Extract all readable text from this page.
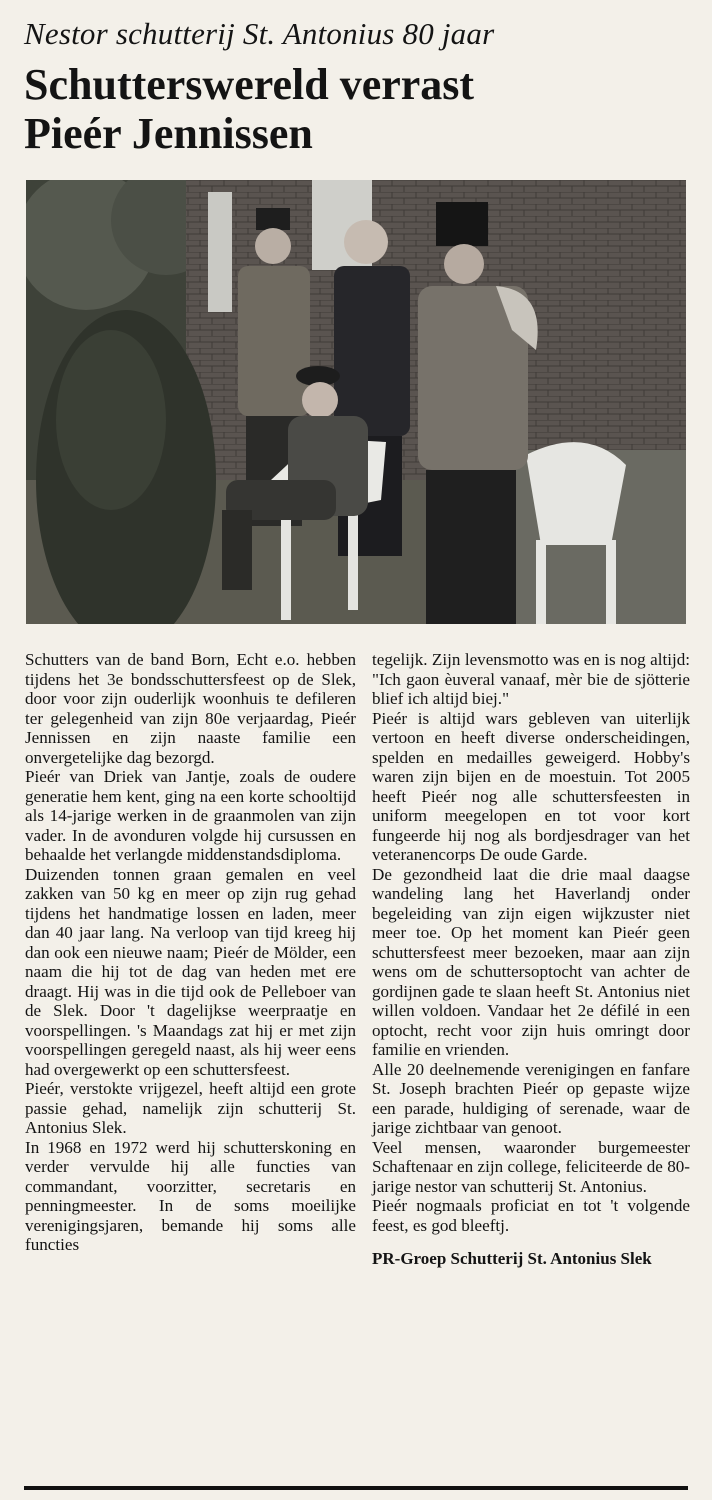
Nestor schutterij St. Antonius 80 jaar
Schutterswereld verrast
Pieér Jennissen

Schutters van de band Born, Echt e.o. hebben tijdens het 3e bondsschuttersfeest op de Slek, door voor zijn ouderlijk woonhuis te defileren ter gelegenheid van zijn 80e verjaardag, Pieér Jennissen en zijn naaste familie een onvergetelijke dag bezorgd.

Pieér van Driek van Jantje, zoals de oudere generatie hem kent, ging na een korte schooltijd als 14-jarige werken in de graanmolen van zijn vader. In de avonduren volgde hij cursussen en behaalde het verlangde middenstandsdiploma.

Duizenden tonnen graan gemalen en veel zakken van 50 kg en meer op zijn rug gehad tijdens het handmatige lossen en laden, meer dan 40 jaar lang. Na verloop van tijd kreeg hij dan ook een nieuwe naam; Pieér de Mölder, een naam die hij tot de dag van heden met ere draagt. Hij was in die tijd ook de Pelleboer van de Slek. Door 't dagelijkse weerpraatje en voorspellingen. 's Maandags zat hij er met zijn voorspellingen geregeld naast, als hij weer eens had overgewerkt op een schuttersfeest.

Pieér, verstokte vrijgezel, heeft altijd een grote passie gehad, namelijk zijn schutterij St. Antonius Slek.

In 1968 en 1972 werd hij schutterskoning en verder vervulde hij alle functies van commandant, voorzitter, secretaris en penningmeester. In de soms moeilijke verenigingsjaren, bemande hij soms alle functies

tegelijk. Zijn levensmotto was en is nog altijd: "Ich gaon èuveral vanaaf, mèr bie de sjötterie blief ich altijd biej."

Pieér is altijd wars gebleven van uiterlijk vertoon en heeft diverse onderscheidingen, spelden en medailles geweigerd. Hobby's waren zijn bijen en de moestuin. Tot 2005 heeft Pieér nog alle schuttersfeesten in uniform meegelopen en tot voor kort fungeerde hij nog als bordjesdrager van het veteranencorps De oude Garde.

De gezondheid laat die drie maal daagse wandeling lang het Haverlandj onder begeleiding van zijn eigen wijkzuster niet meer toe. Op het moment kan Pieér geen schuttersfeest meer bezoeken, maar aan zijn wens om de schuttersoptocht van achter de gordijnen gade te slaan heeft St. Antonius niet willen voldoen. Vandaar het 2e défilé in een optocht, recht voor zijn huis omringt door familie en vrienden.

Alle 20 deelnemende verenigingen en fanfare St. Joseph brachten Pieér op gepaste wijze een parade, huldiging of serenade, waar de jarige zichtbaar van genoot.

Veel mensen, waaronder burgemeester Schaftenaar en zijn college, feliciteerde de 80-jarige nestor van schutterij St. Antonius.

Pieér nogmaals proficiat en tot 't volgende feest, es god bleeftj.

PR-Groep Schutterij St. Antonius Slek
